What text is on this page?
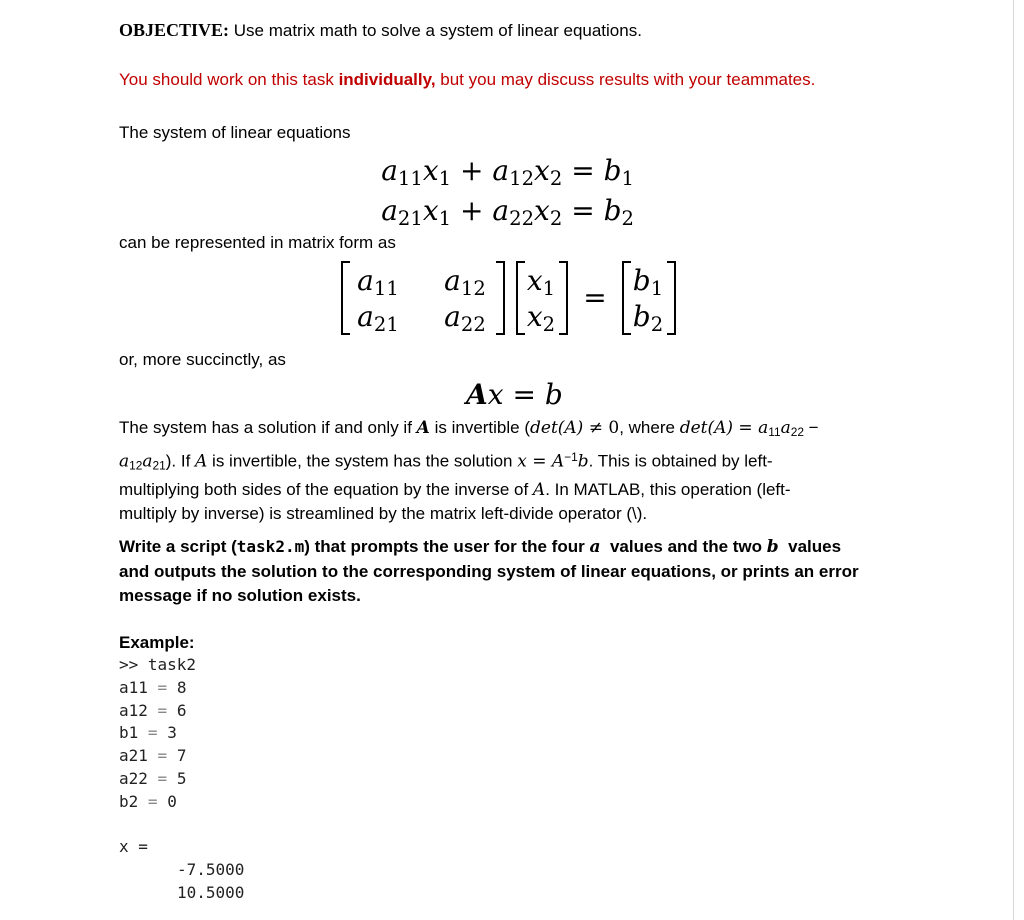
OBJECTIVE: Use matrix math to solve a system of linear equations.
You should work on this task individually, but you may discuss results with your teammates.
The system of linear equations
$a_{11}x_1 + a_{12}x_2 = b_1$
$a_{21}x_1 + a_{22}x_2 = b_2$
can be represented in matrix form as
$a_{11}$	$a_{12}$
$a_{21}$	$a_{22}$
$x_1$
$x_2$
=
$b_1$
$b_2$
or, more succinctly, as
Ax = b
The system has a solution if and only if A is invertible (det(A) ≠ 0, where $\det(A) = a_{11}a_{22}$ −
$a_{12}a_{21}$). If A is invertible, the system has the solution $x = A^{-1}b$. This is obtained by left-
multiplying both sides of the equation by the inverse of A. In MATLAB, this operation (left-
multiply by inverse) is streamlined by the matrix left-divide operator (\).
Write a script (task2.m) that prompts the user for the four a values and the two b values
and outputs the solution to the corresponding system of linear equations, or prints an error
message if no solution exists.
Example:
>> task2
a11 = 8
a12 = 6
b1 = 3
a21 = 7
a22 = 5
b2 = 0
x =
-7.5000
10.5000
